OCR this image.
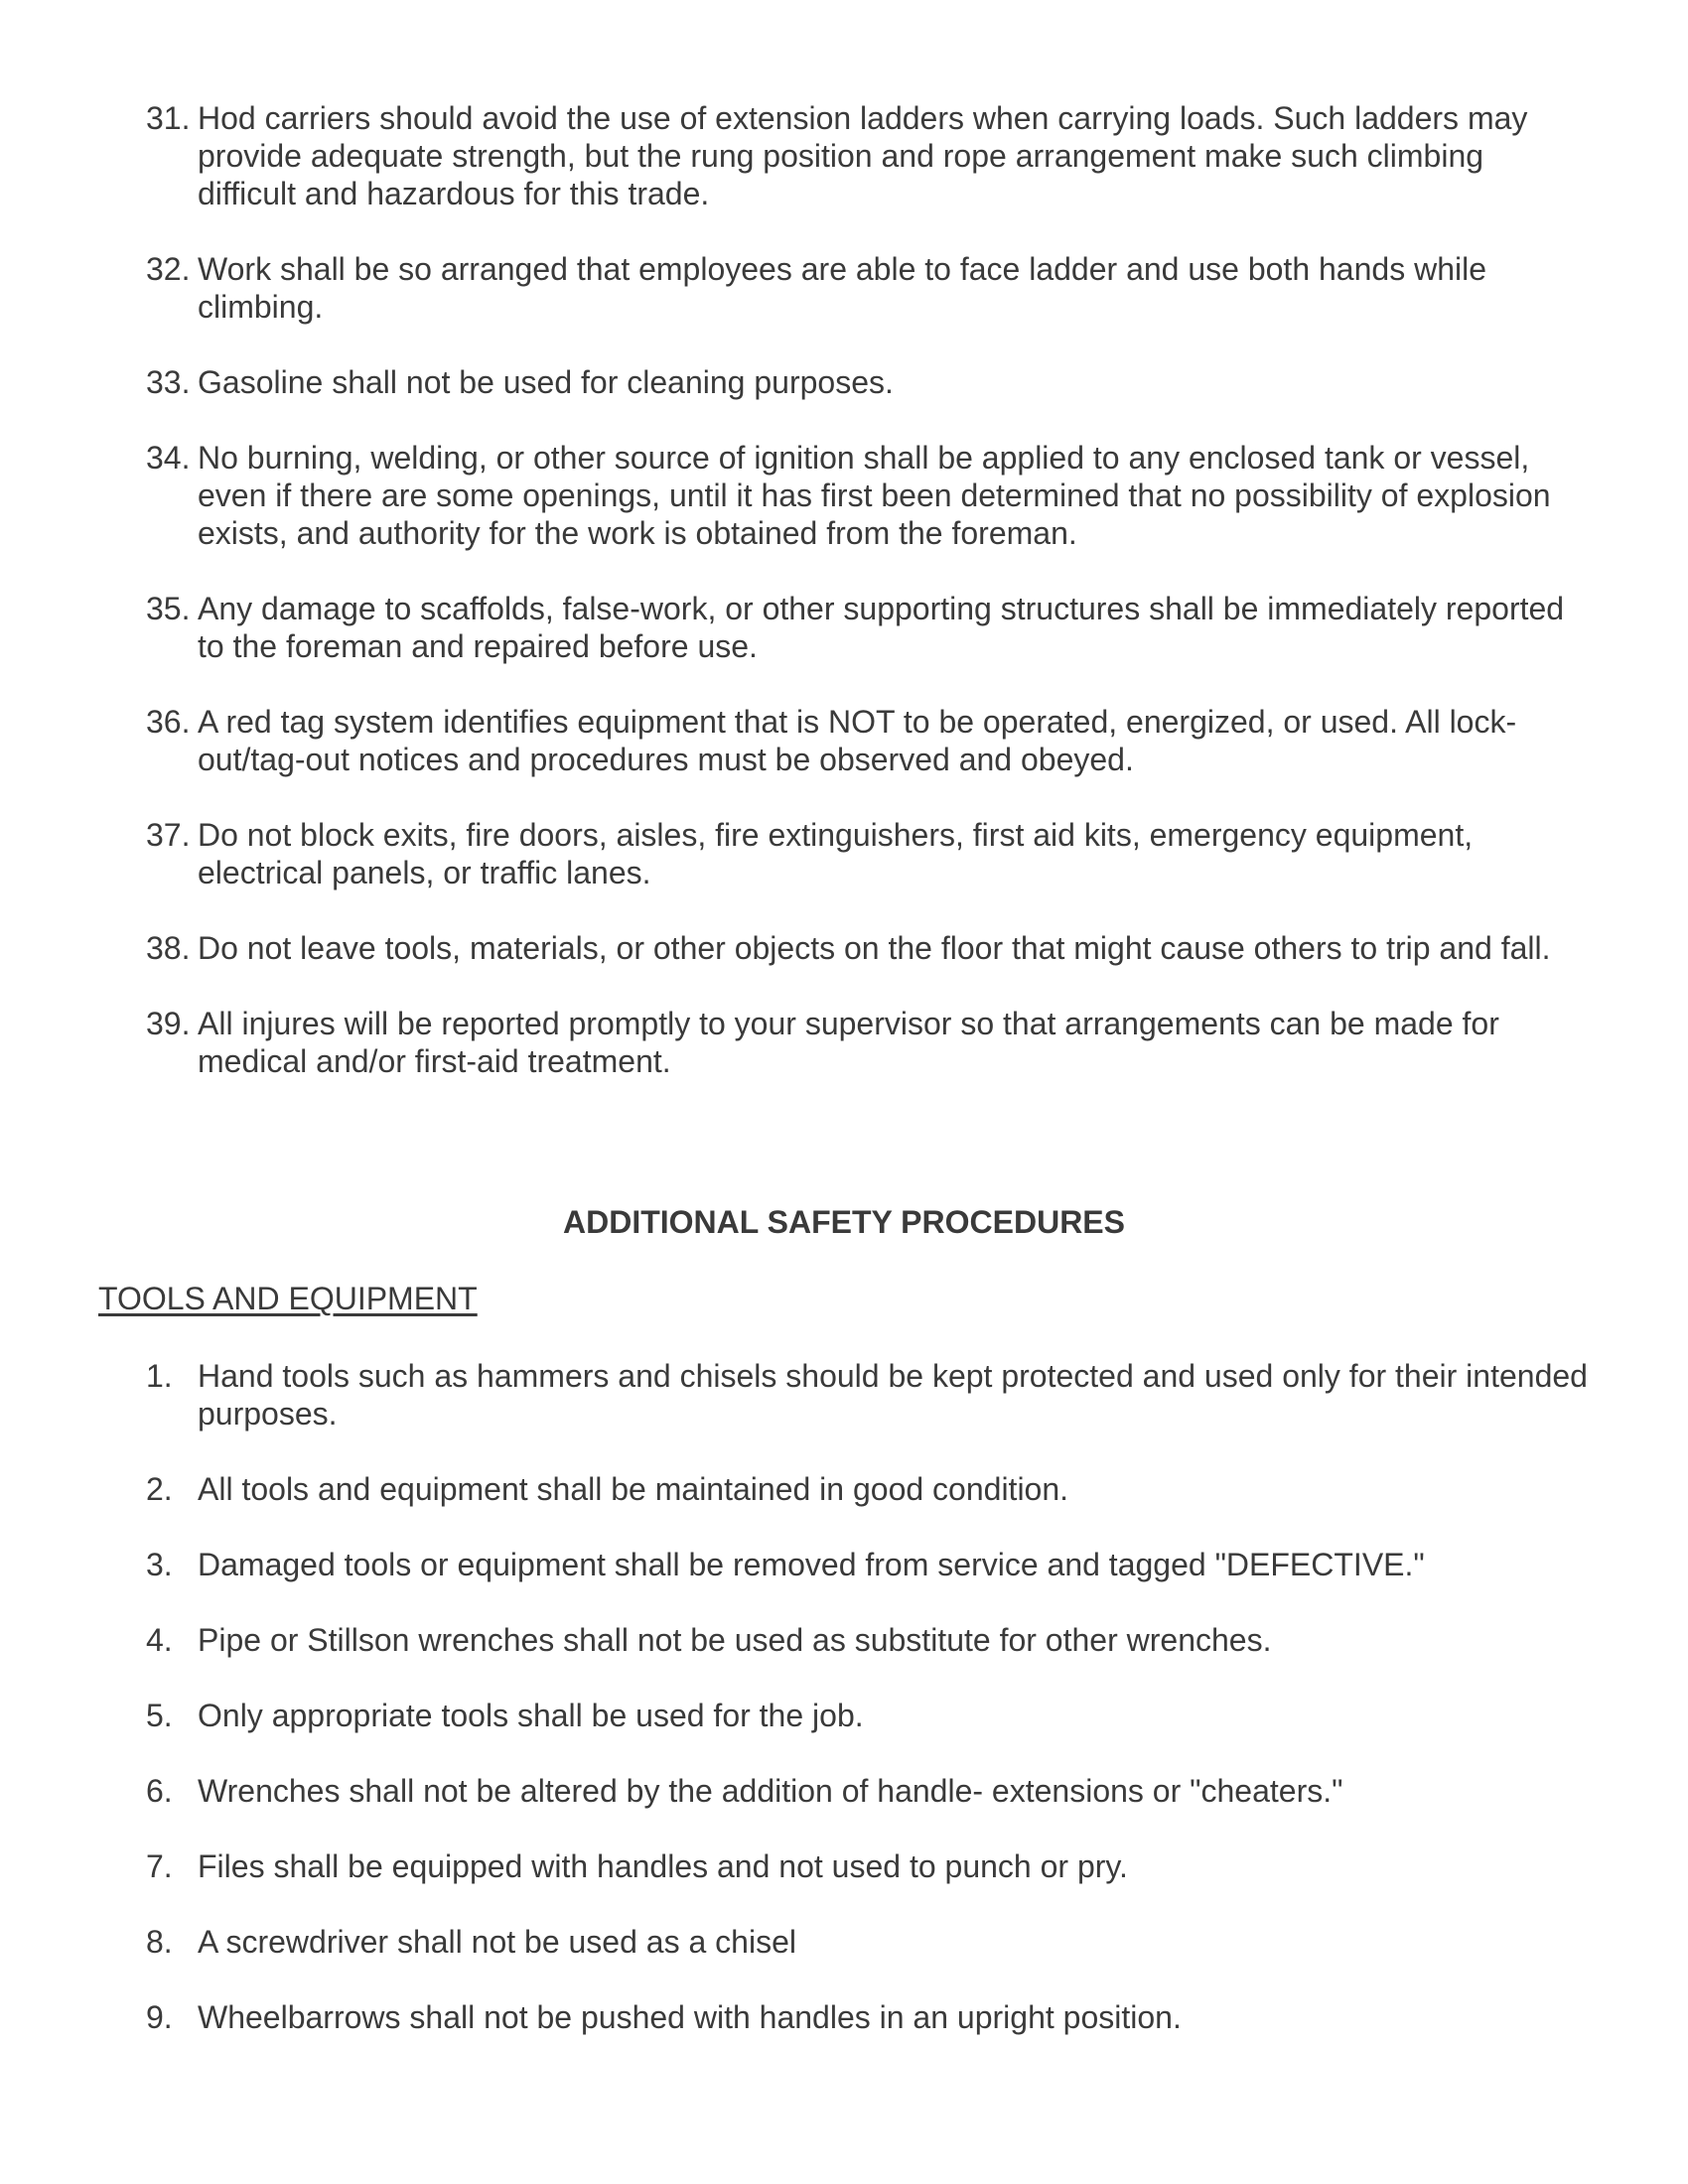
31. Hod carriers should avoid the use of extension ladders when carrying loads. Such ladders may provide adequate strength, but the rung position and rope arrangement make such climbing difficult and hazardous for this trade.
32. Work shall be so arranged that employees are able to face ladder and use both hands while climbing.
33. Gasoline shall not be used for cleaning purposes.
34. No burning, welding, or other source of ignition shall be applied to any enclosed tank or vessel, even if there are some openings, until it has first been determined that no possibility of explosion exists, and authority for the work is obtained from the foreman.
35. Any damage to scaffolds, false-work, or other supporting structures shall be immediately reported to the foreman and repaired before use.
36. A red tag system identifies equipment that is NOT to be operated, energized, or used. All lock-out/tag-out notices and procedures must be observed and obeyed.
37. Do not block exits, fire doors, aisles, fire extinguishers, first aid kits, emergency equipment, electrical panels, or traffic lanes.
38. Do not leave tools, materials, or other objects on the floor that might cause others to trip and fall.
39. All injures will be reported promptly to your supervisor so that arrangements can be made for medical and/or first-aid treatment.
ADDITIONAL SAFETY PROCEDURES
TOOLS AND EQUIPMENT
1. Hand tools such as hammers and chisels should be kept protected and used only for their intended purposes.
2. All tools and equipment shall be maintained in good condition.
3. Damaged tools or equipment shall be removed from service and tagged "DEFECTIVE."
4. Pipe or Stillson wrenches shall not be used as substitute for other wrenches.
5. Only appropriate tools shall be used for the job.
6. Wrenches shall not be altered by the addition of handle- extensions or "cheaters."
7. Files shall be equipped with handles and not used to punch or pry.
8. A screwdriver shall not be used as a chisel
9. Wheelbarrows shall not be pushed with handles in an upright position.
